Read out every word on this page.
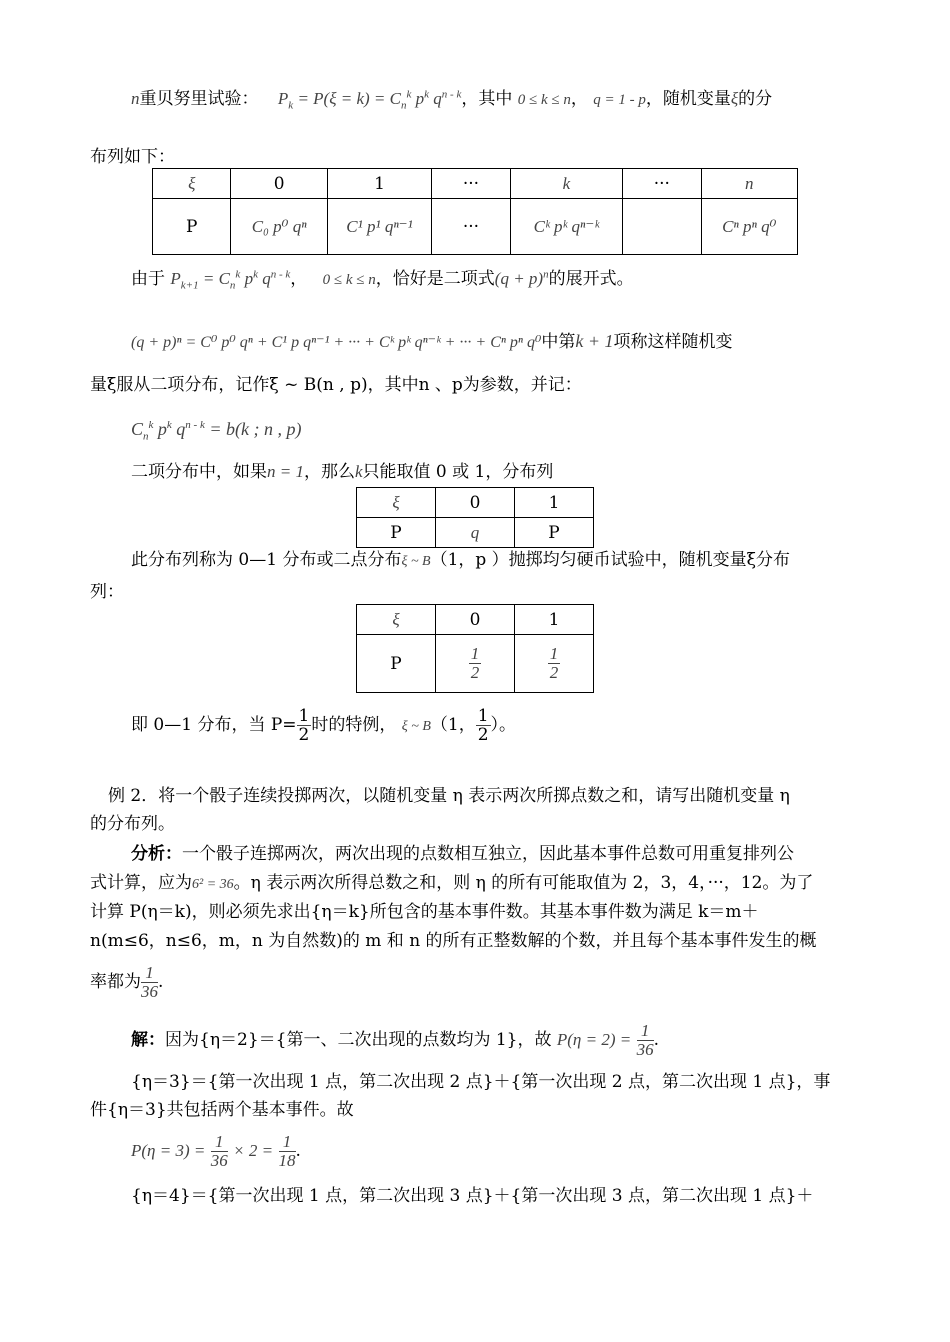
n重贝努里试验： $P_k = P(\xi = k) = C_n^k$ $p^k$ $q^{n - k}$，其中 0 ≤ k ≤ n， q = 1 - p，随机变量ξ的分
布列如下：
ξ	0	1	···	k	···	n
P	C₀ p⁰ qⁿ	C¹ p¹ qⁿ⁻¹	···	Cᵏ pᵏ qⁿ⁻ᵏ		Cⁿ pⁿ q⁰
由于 $P_{k+1} = C_n^k$ $p^k$ $q^{n - k}$， 0 ≤ k ≤ n，恰好是二项式$(q + p)^n$的展开式。
(q + p)ⁿ = C⁰ p⁰ qⁿ + C¹ p qⁿ⁻¹ + ··· + Cᵏ pᵏ qⁿ⁻ᵏ + ··· + Cⁿ pⁿ q⁰中第k + 1项称这样随机变
量ξ服从二项分布，记作ξ ~ B(n , p)，其中n 、p为参数，并记：
$C_n^k$ $p^k$ $q^{n - k} = b(k$ ; n , p)
二项分布中，如果n = 1，那么k只能取值 0 或 1，分布列
ξ	0	1
P	q	P
此分布列称为 0—1 分布或二点分布ξ ~ B（1，p ）抛掷均匀硬币试验中，随机变量ξ分布
列：
ξ	0	1
P	$\frac{1}{2}$	$\frac{1}{2}$
即 0—1 分布，当 $P= \frac{1}{2}$ 时的特例， ξ ~ B（1， $\frac{1}{2}$ ）。
例 2．将一个骰子连续投掷两次，以随机变量 η 表示两次所掷点数之和，请写出随机变量 η
的分布列。
分析：一个骰子连掷两次，两次出现的点数相互独立，因此基本事件总数可用重复排列公
式计算，应为6² = 36。η 表示两次所得总数之和，则 η 的所有可能取值为 2，3，4，···，12。为了
计算 P(η＝k)，则必须先求出{η＝k}所包含的基本事件数。其基本事件数为满足 k＝m＋
n(m≤6，n≤6，m，n 为自然数)的 m 和 n 的所有正整数解的个数，并且每个基本事件发生的概
率都为 $\frac{1}{36}$ .
解：因为{η＝2}＝{第一、二次出现的点数均为 1}，故 $P(\eta = 2) = \frac{1}{36}$ .
{η＝3}＝{第一次出现 1 点，第二次出现 2 点}＋{第一次出现 2 点，第二次出现 1 点}，事
件{η＝3}共包括两个基本事件。故
$P(\eta = 3) = \frac{1}{36} \times 2 = \frac{1}{18}$ .
{η＝4}＝{第一次出现 1 点，第二次出现 3 点}＋{第一次出现 3 点，第二次出现 1 点}＋
